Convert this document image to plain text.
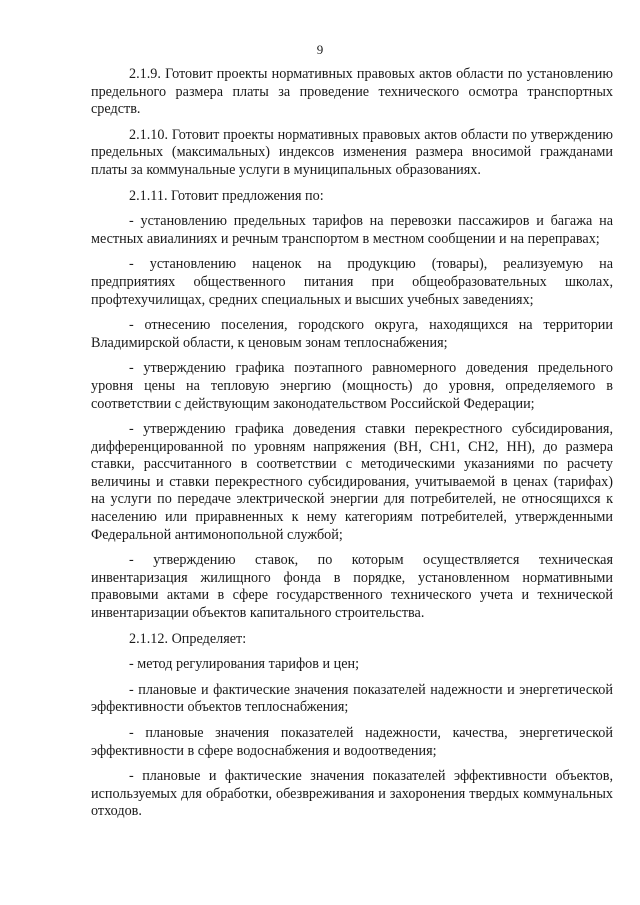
9

2.1.9. Готовит проекты нормативных правовых актов области по установлению предельного размера платы за проведение технического осмотра транспортных средств.

2.1.10. Готовит проекты нормативных правовых актов области по утверждению предельных (максимальных) индексов изменения размера вносимой гражданами платы за коммунальные услуги в муниципальных образованиях.

2.1.11. Готовит предложения по:

- установлению предельных тарифов на перевозки пассажиров и багажа на местных авиалиниях и речным транспортом в местном сообщении и на переправах;

- установлению наценок на продукцию (товары), реализуемую на предприятиях общественного питания при общеобразовательных школах, профтехучилищах, средних специальных и высших учебных заведениях;

- отнесению поселения, городского округа, находящихся на территории Владимирской области, к ценовым зонам теплоснабжения;

- утверждению графика поэтапного равномерного доведения предельного уровня цены на тепловую энергию (мощность) до уровня, определяемого в соответствии с действующим законодательством Российской Федерации;

- утверждению графика доведения ставки перекрестного субсидирования, дифференцированной по уровням напряжения (ВН, СН1, СН2, НН), до размера ставки, рассчитанного в соответствии с методическими указаниями по расчету величины и ставки перекрестного субсидирования, учитываемой в ценах (тарифах) на услуги по передаче электрической энергии для потребителей, не относящихся к населению или приравненных к нему категориям потребителей, утвержденными Федеральной антимонопольной службой;

- утверждению ставок, по которым осуществляется техническая инвентаризация жилищного фонда в порядке, установленном нормативными правовыми актами в сфере государственного технического учета и технической инвентаризации объектов капитального строительства.

2.1.12. Определяет:

- метод регулирования тарифов и цен;

- плановые и фактические значения показателей надежности и энергетической эффективности объектов теплоснабжения;

- плановые значения показателей надежности, качества, энергетической эффективности в сфере водоснабжения и водоотведения;

- плановые и фактические значения показателей эффективности объектов, используемых для обработки, обезвреживания и захоронения твердых коммунальных отходов.
